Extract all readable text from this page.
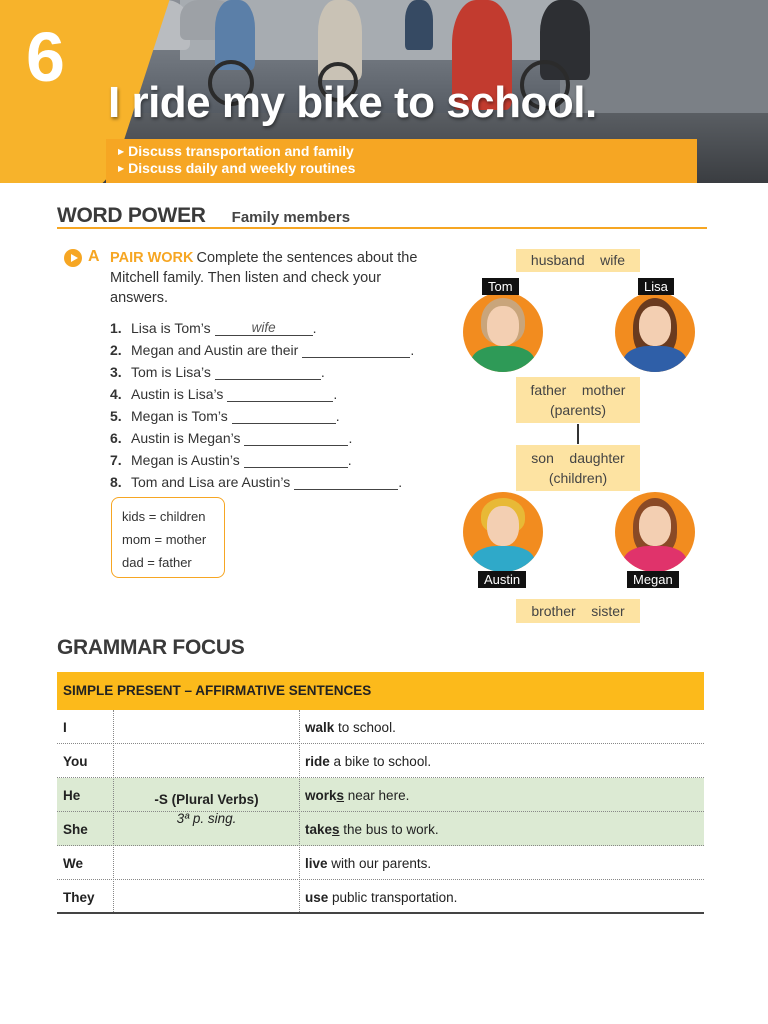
6
I ride my bike to school.
▶ Discuss transportation and family
▶ Discuss daily and weekly routines
WORD POWER Family members
A PAIR WORK Complete the sentences about the Mitchell family. Then listen and check your answers.
1. Lisa is Tom’s	wife	.
2. Megan and Austin are their	.
3. Tom is Lisa’s	.
4. Austin is Lisa’s	.
5. Megan is Tom’s	.
6. Austin is Megan’s	.
7. Megan is Austin’s	.
8. Tom and Lisa are Austin’s	.
kids = children
mom = mother
dad = father
husband    wife
Tom	Lisa
father    mother
(parents)
son    daughter
(children)
Austin	Megan
brother    sister
GRAMMAR FOCUS
SIMPLE PRESENT – AFFIRMATIVE SENTENCES
I	walk to school.
You	ride a bike to school.
He	works near here.
She	takes the bus to work.
We	live with our parents.
They	use public transportation.
-S (Plural Verbs)
3ª p. sing.
